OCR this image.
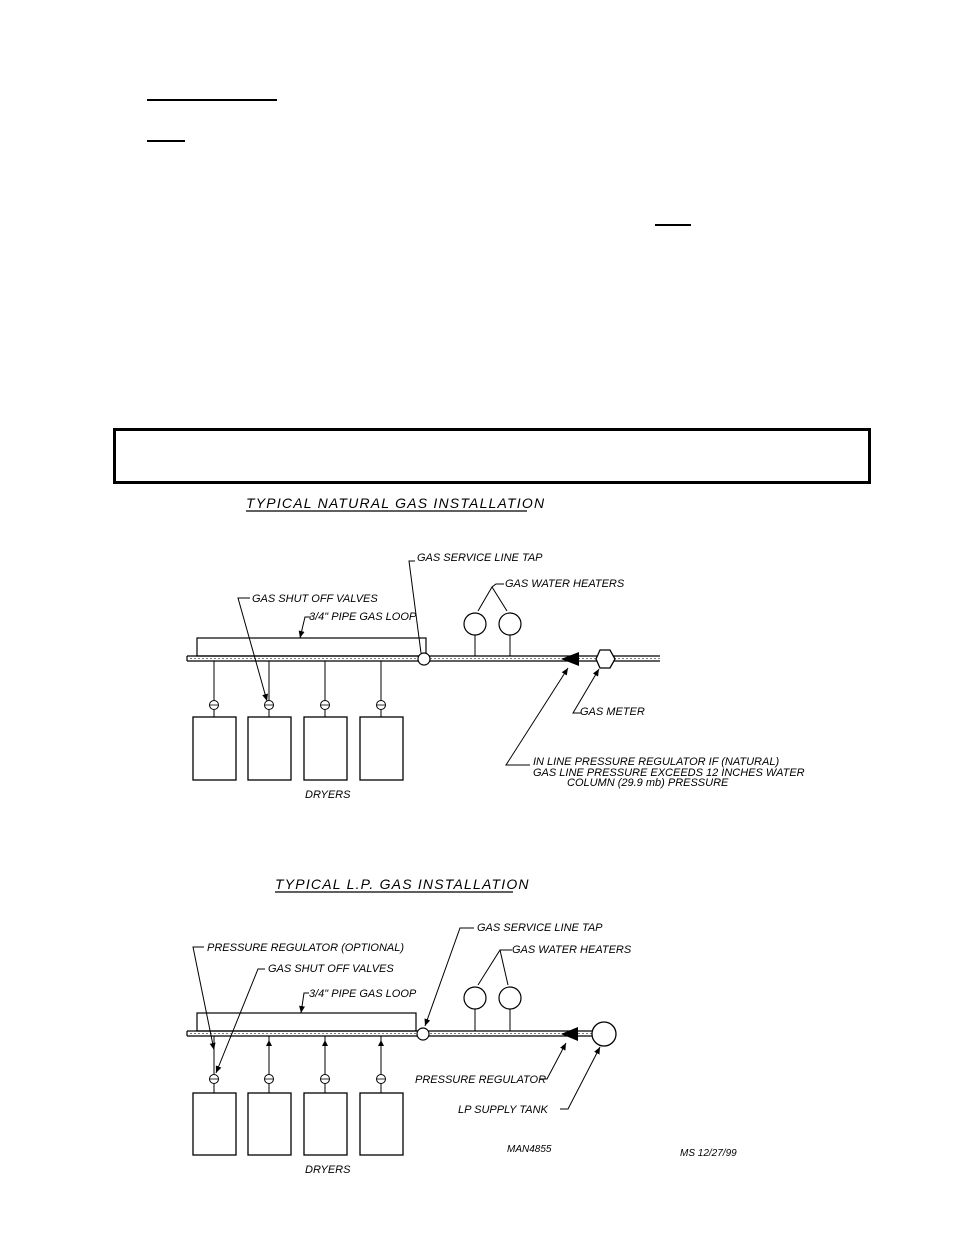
TYPICAL NATURAL GAS INSTALLATION
DRYERS
GAS SERVICE LINE TAP
GAS WATER HEATERS
GAS SHUT OFF VALVES
3/4" PIPE GAS LOOP
IN LINE PRESSURE REGULATOR IF (NATURAL)
GAS LINE PRESSURE EXCEEDS 12 INCHES WATER
COLUMN (29.9 mb) PRESSURE
GAS METER
TYPICAL L.P. GAS INSTALLATION
DRYERS
GAS SERVICE LINE TAP
PRESSURE REGULATOR (OPTIONAL)
GAS SHUT OFF VALVES
3/4" PIPE GAS LOOP
GAS WATER HEATERS
PRESSURE REGULATOR
LP SUPPLY TANK
MAN4855	MS 12/27/99
